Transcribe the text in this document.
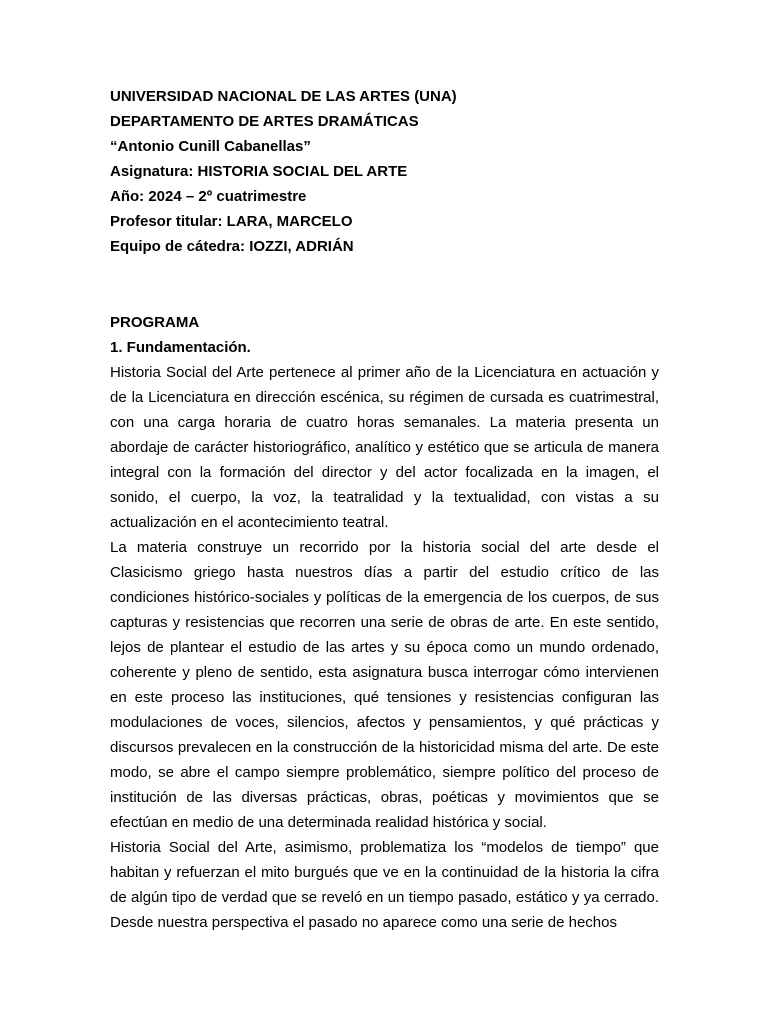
UNIVERSIDAD NACIONAL DE LAS ARTES (UNA)
DEPARTAMENTO DE ARTES DRAMÁTICAS
“Antonio Cunill Cabanellas”
Asignatura: HISTORIA SOCIAL DEL ARTE
Año: 2024 – 2º cuatrimestre
Profesor titular: LARA, MARCELO
Equipo de cátedra: IOZZI, ADRIÁN
PROGRAMA
1. Fundamentación.

Historia Social del Arte pertenece al primer año de la Licenciatura en actuación y de la Licenciatura en dirección escénica, su régimen de cursada es cuatrimestral, con una carga horaria de cuatro horas semanales. La materia presenta un abordaje de carácter historiográfico, analítico y estético que se articula de manera integral con la formación del director y del actor focalizada en la imagen, el sonido, el cuerpo, la voz, la teatralidad y la textualidad, con vistas a su actualización en el acontecimiento teatral.

La materia construye un recorrido por la historia social del arte desde el Clasicismo griego hasta nuestros días a partir del estudio crítico de las condiciones histórico-sociales y políticas de la emergencia de los cuerpos, de sus capturas y resistencias que recorren una serie de obras de arte. En este sentido, lejos de plantear el estudio de las artes y su época como un mundo ordenado, coherente y pleno de sentido, esta asignatura busca interrogar cómo intervienen en este proceso las instituciones, qué tensiones y resistencias configuran las modulaciones de voces, silencios, afectos y pensamientos, y qué prácticas y discursos prevalecen en la construcción de la historicidad misma del arte. De este modo, se abre el campo siempre problemático, siempre político del proceso de institución de las diversas prácticas, obras, poéticas y movimientos que se efectúan en medio de una determinada realidad histórica y social.

Historia Social del Arte, asimismo, problematiza los “modelos de tiempo” que habitan y refuerzan el mito burgués que ve en la continuidad de la historia la cifra de algún tipo de verdad que se reveló en un tiempo pasado, estático y ya cerrado. Desde nuestra perspectiva el pasado no aparece como una serie de hechos
